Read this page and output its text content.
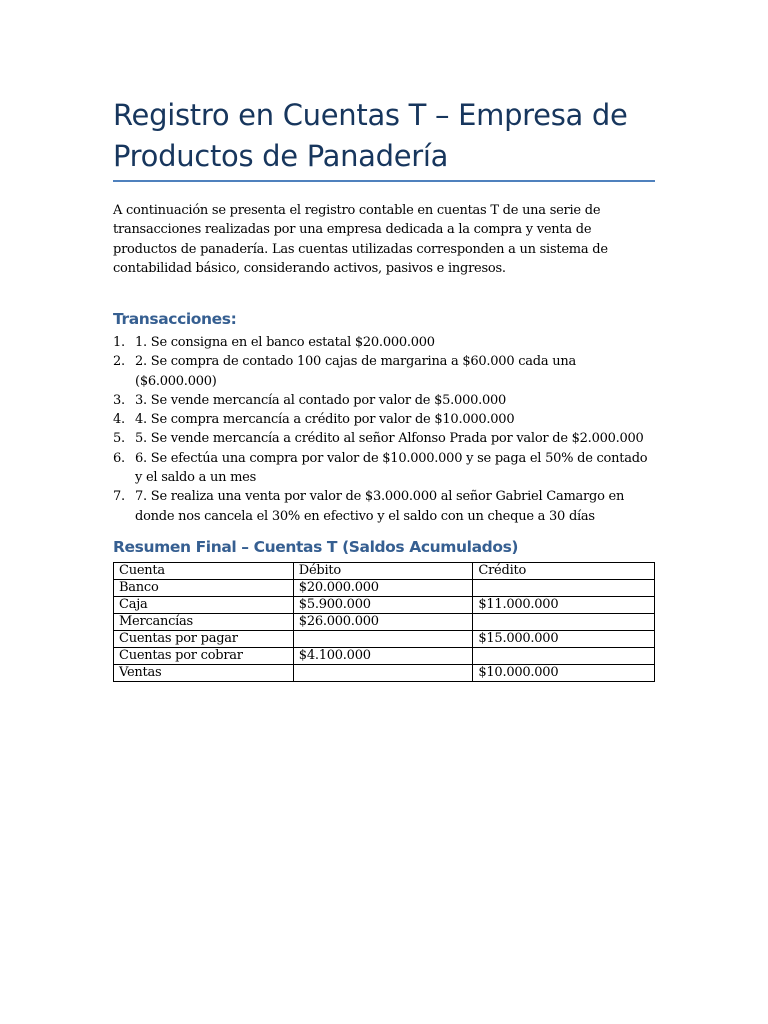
Registro en Cuentas T – Empresa de Productos de Panadería

A continuación se presenta el registro contable en cuentas T de una serie de transacciones realizadas por una empresa dedicada a la compra y venta de productos de panadería. Las cuentas utilizadas corresponden a un sistema de contabilidad básico, considerando activos, pasivos e ingresos.

Transacciones:
1. 1. Se consigna en el banco estatal $20.000.000
2. 2. Se compra de contado 100 cajas de margarina a $60.000 cada una ($6.000.000)
3. 3. Se vende mercancía al contado por valor de $5.000.000
4. 4. Se compra mercancía a crédito por valor de $10.000.000
5. 5. Se vende mercancía a crédito al señor Alfonso Prada por valor de $2.000.000
6. 6. Se efectúa una compra por valor de $10.000.000 y se paga el 50% de contado y el saldo a un mes
7. 7. Se realiza una venta por valor de $3.000.000 al señor Gabriel Camargo en donde nos cancela el 30% en efectivo y el saldo con un cheque a 30 días
Resumen Final – Cuentas T (Saldos Acumulados)
Cuenta	Débito	Crédito
Banco	$20.000.000	
Caja	$5.900.000	$11.000.000
Mercancías	$26.000.000	
Cuentas por pagar		$15.000.000
Cuentas por cobrar	$4.100.000	
Ventas		$10.000.000
